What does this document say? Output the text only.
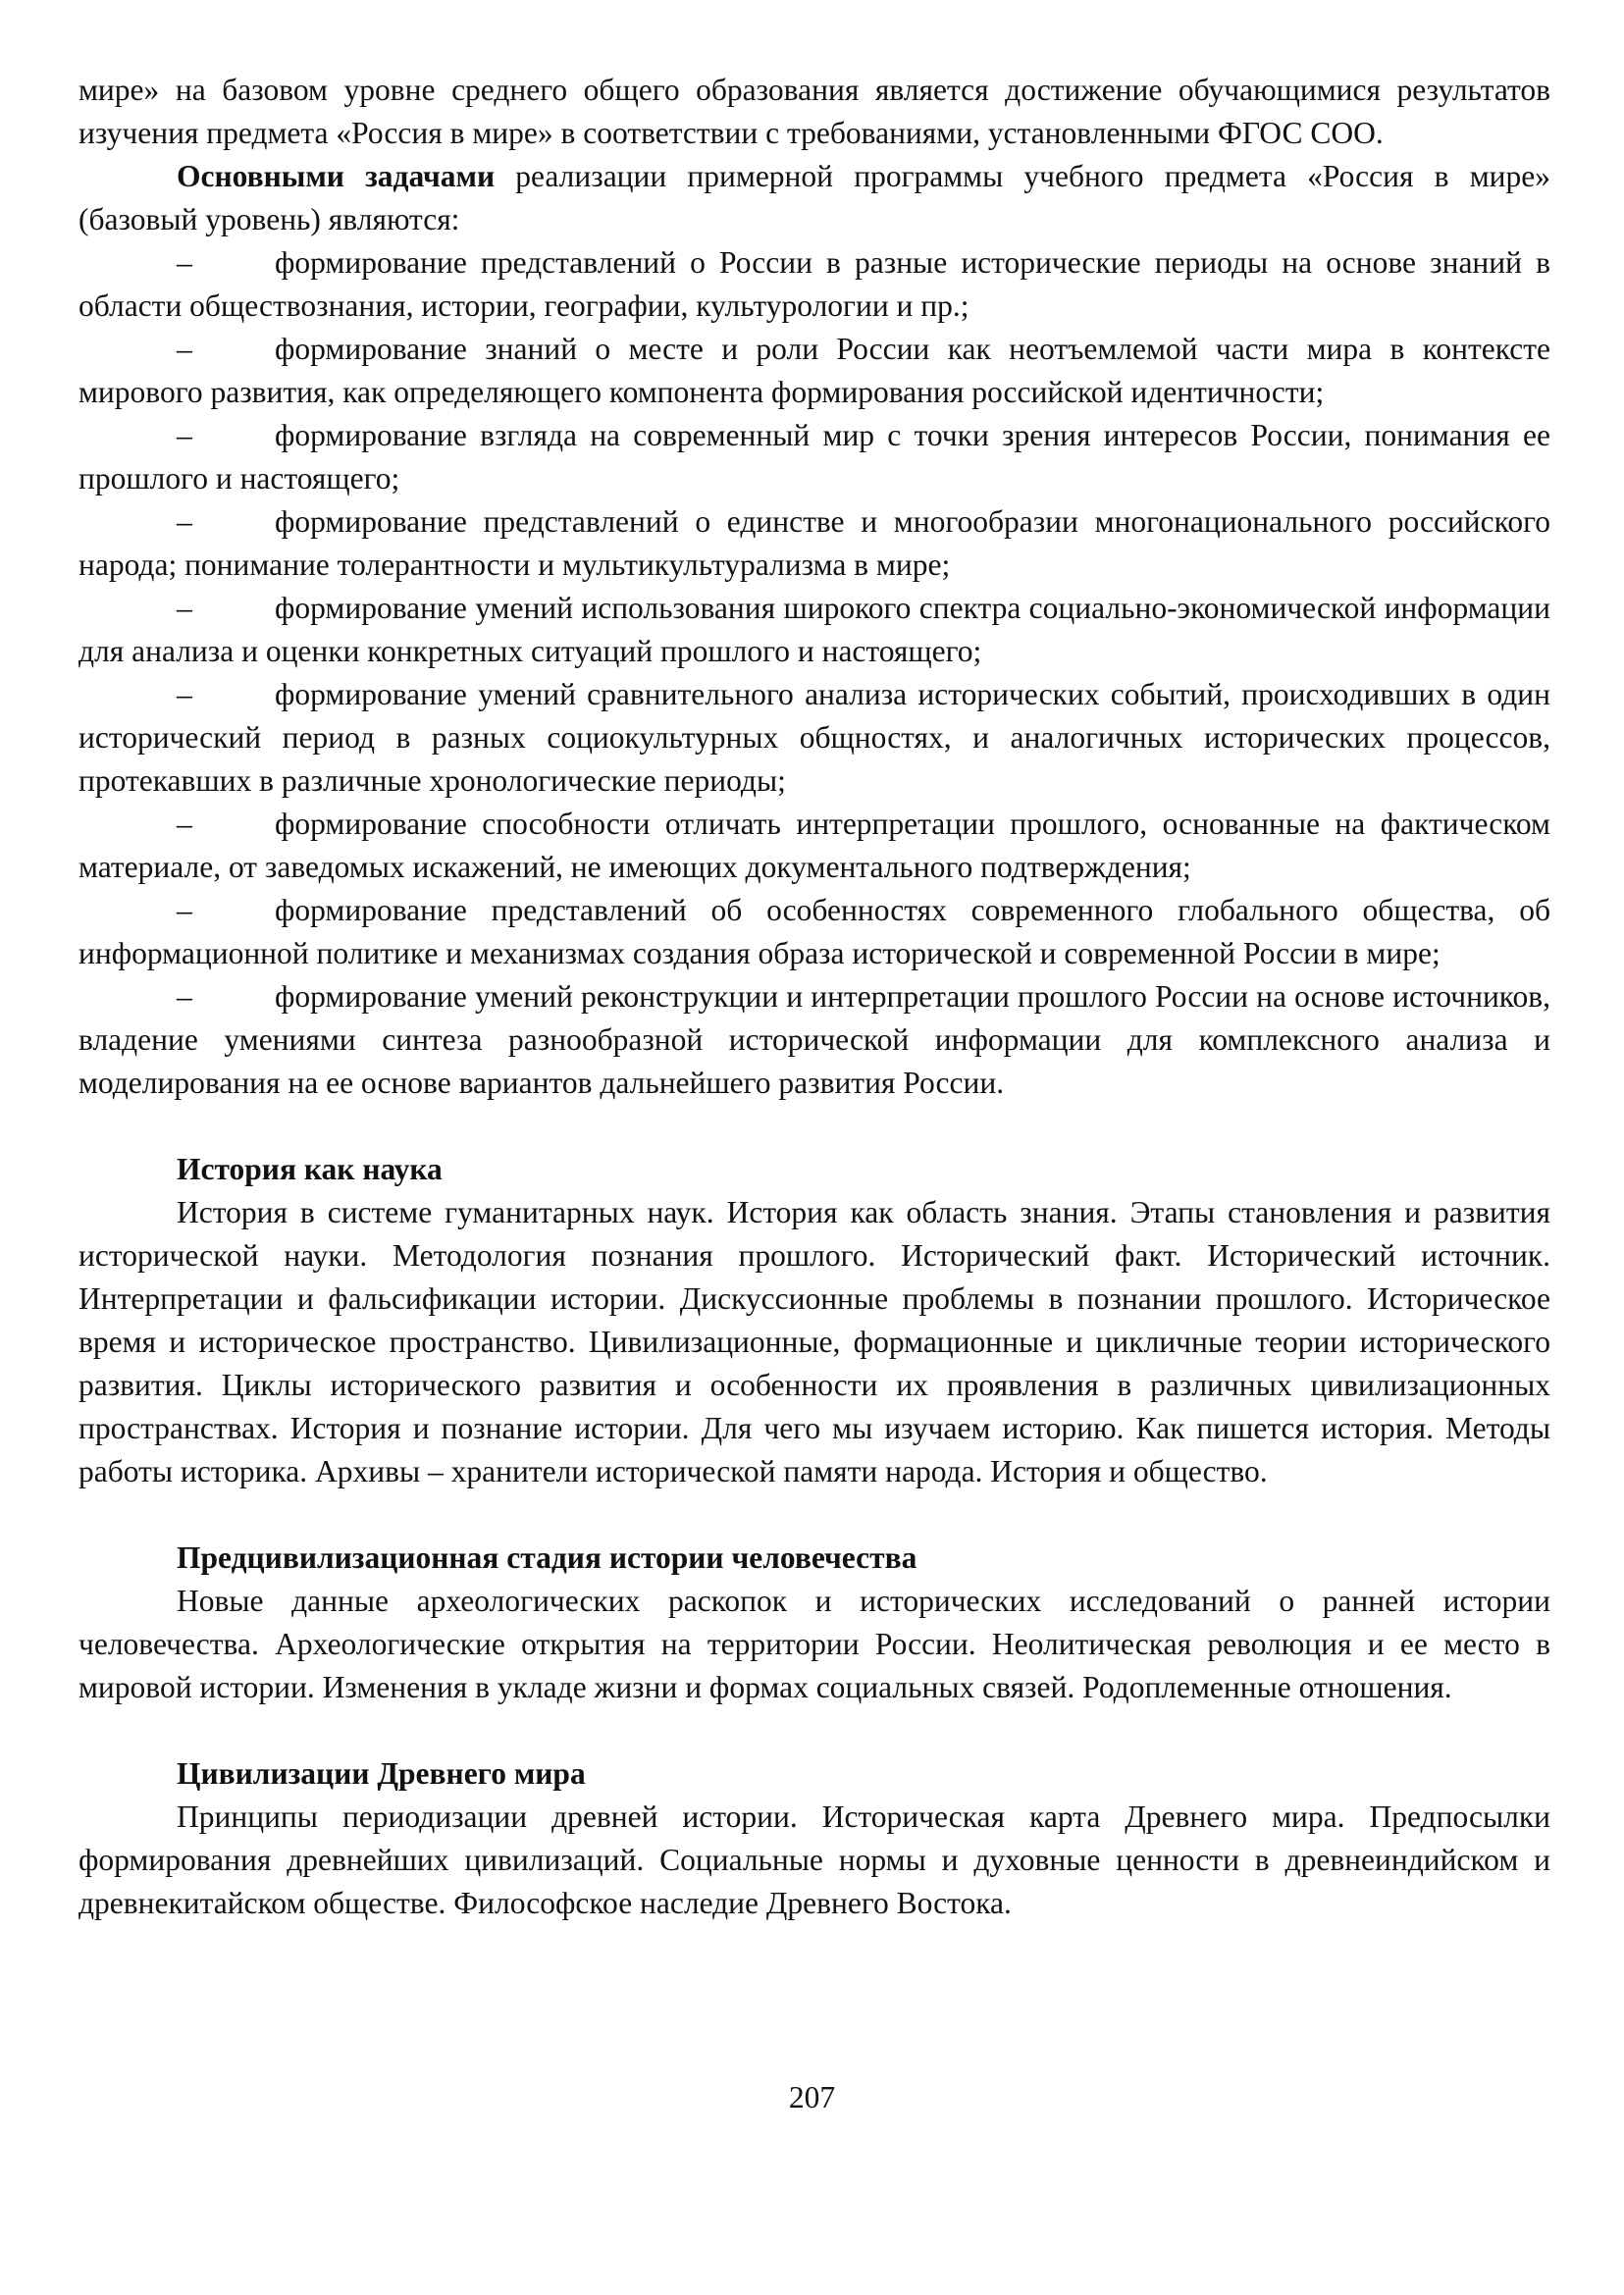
мире» на базовом уровне среднего общего образования является достижение обучающимися результатов изучения предмета «Россия в мире» в соответствии с требованиями, установленными ФГОС СОО.

Основными задачами реализации примерной программы учебного предмета «Россия в мире» (базовый уровень) являются:

–	формирование представлений о России в разные исторические периоды на основе знаний в области обществознания, истории, географии, культурологии и пр.;

–	формирование знаний о месте и роли России как неотъемлемой части мира в контексте мирового развития, как определяющего компонента формирования российской идентичности;

–	формирование взгляда на современный мир с точки зрения интересов России, понимания ее прошлого и настоящего;

–	формирование представлений о единстве и многообразии многонационального российского народа; понимание толерантности и мультикультурализма в мире;

–	формирование умений использования широкого спектра социально-экономической информации для анализа и оценки конкретных ситуаций прошлого и настоящего;

–	формирование умений сравнительного анализа исторических событий, происходивших в один исторический период в разных социокультурных общностях, и аналогичных исторических процессов, протекавших в различные хронологические периоды;

–	формирование способности отличать интерпретации прошлого, основанные на фактическом материале, от заведомых искажений, не имеющих документального подтверждения;

–	формирование представлений об особенностях современного глобального общества, об информационной политике и механизмах создания образа исторической и современной России в мире;

–	формирование умений реконструкции и интерпретации прошлого России на основе источников, владение умениями синтеза разнообразной исторической информации для комплексного анализа и моделирования на ее основе вариантов дальнейшего развития России.

История как наука

История в системе гуманитарных наук. История как область знания. Этапы становления и развития исторической науки. Методология познания прошлого. Исторический факт. Исторический источник. Интерпретации и фальсификации истории. Дискуссионные проблемы в познании прошлого. Историческое время и историческое пространство. Цивилизационные, формационные и цикличные теории исторического развития. Циклы исторического развития и особенности их проявления в различных цивилизационных пространствах. История и познание истории. Для чего мы изучаем историю. Как пишется история. Методы работы историка. Архивы – хранители исторической памяти народа. История и общество.

Предцивилизационная стадия истории человечества

Новые данные археологических раскопок и исторических исследований о ранней истории человечества. Археологические открытия на территории России. Неолитическая революция и ее место в мировой истории. Изменения в укладе жизни и формах социальных связей. Родоплеменные отношения.

Цивилизации Древнего мира

Принципы периодизации древней истории. Историческая карта Древнего мира. Предпосылки формирования древнейших цивилизаций. Социальные нормы и духовные ценности в древнеиндийском и древнекитайском обществе. Философское наследие Древнего Востока.

207
